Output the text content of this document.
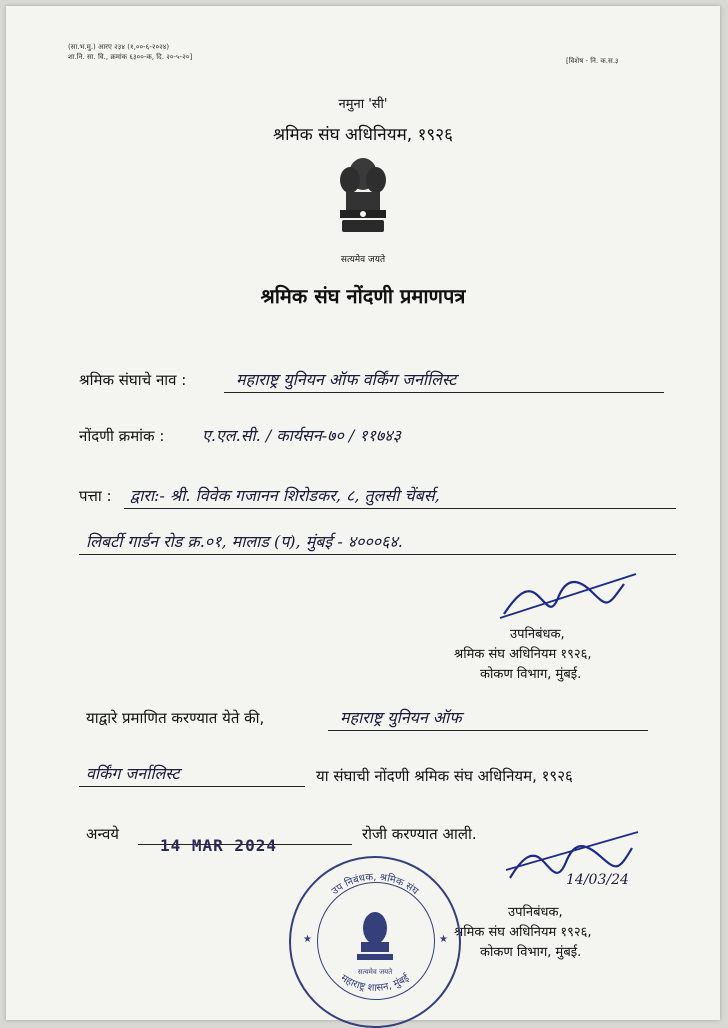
(सा.भ.मु.) आरए २३४ (१,००-६-२०२४)
शा.नि. सा. वि., क्रमांक ६३००-क, दि. २०-५-२०]	[विशेष - नि. क.स.३
नमुना 'सी'
श्रमिक संघ अधिनियम, १९२६
सत्यमेव जयते
श्रमिक संघ नोंदणी प्रमाणपत्र
श्रमिक संघाचे नाव :	महाराष्ट्र युनियन ऑफ वर्किंग जर्नालिस्ट
नोंदणी क्रमांक : ए.एल.सी. / कार्यसन-७० / ११७४३
पत्ता : द्वारा:- श्री. विवेक गजानन शिरोडकर, ८, तुलसी चेंबर्स,
लिबर्टी गार्डन रोड क्र.०१, मालाड (प), मुंबई - ४०००६४.
उपनिबंधक,
श्रमिक संघ अधिनियम १९२६,
कोकण विभाग, मुंबई.
याद्वारे प्रमाणित करण्यात येते की,	महाराष्ट्र युनियन ऑफ
वर्किंग जर्नालिस्ट	या संघाची नोंदणी श्रमिक संघ अधिनियम, १९२६
अन्वये
14 MAR 2024
रोजी करण्यात आली.
14/03/24
उपनिबंधक,
श्रमिक संघ अधिनियम १९२६,
कोकण विभाग, मुंबई.
उप निबंधक, श्रमिक संघ
महाराष्ट्र शासन, मुंबई
★	★
सत्यमेव जयते
